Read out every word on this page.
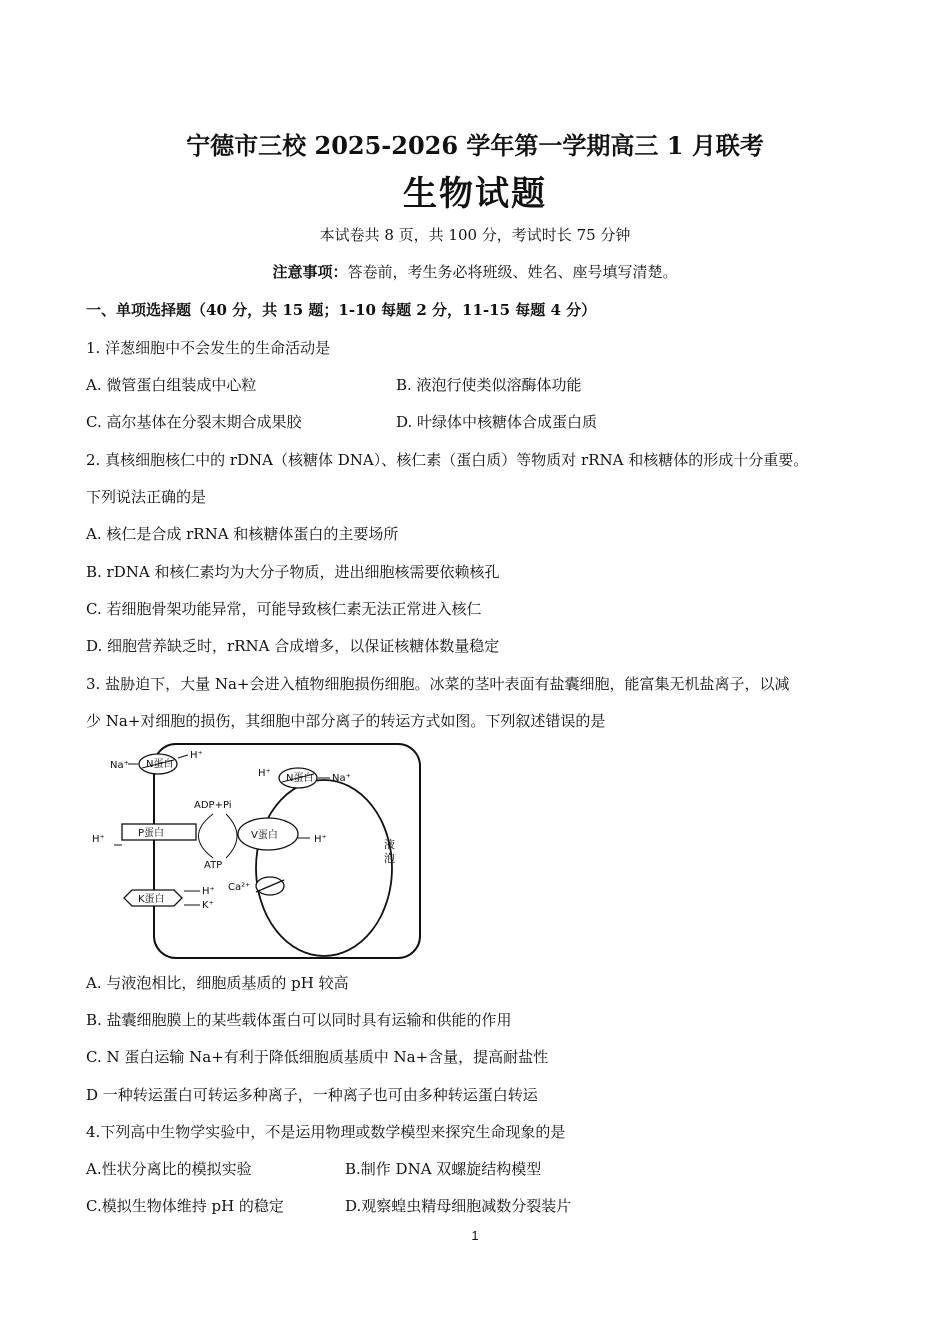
宁德市三校 2025-2026 学年第一学期高三 1 月联考
生物试题
本试卷共 8 页，共 100 分，考试时长 75 分钟
注意事项：答卷前，考生务必将班级、姓名、座号填写清楚。
一、单项选择题（40 分，共 15 题；1-10 每题 2 分，11-15 每题 4 分）
1. 洋葱细胞中不会发生的生命活动是
A. 微管蛋白组装成中心粒	B. 液泡行使类似溶酶体功能
C. 高尔基体在分裂末期合成果胶	D. 叶绿体中核糖体合成蛋白质
2. 真核细胞核仁中的 rDNA（核糖体 DNA）、核仁素（蛋白质）等物质对 rRNA 和核糖体的形成十分重要。
下列说法正确的是
A. 核仁是合成 rRNA 和核糖体蛋白的主要场所
B. rDNA 和核仁素均为大分子物质，进出细胞核需要依赖核孔
C. 若细胞骨架功能异常，可能导致核仁素无法正常进入核仁
D. 细胞营养缺乏时，rRNA 合成增多，以保证核糖体数量稳定
3. 盐胁迫下，大量 Na+会进入植物细胞损伤细胞。冰菜的茎叶表面有盐囊细胞，能富集无机盐离子，以减
少 Na+对细胞的损伤，其细胞中部分离子的转运方式如图。下列叙述错误的是
N蛋白
Na⁺
H⁺
N蛋白
H⁺	Na⁺
ADP+Pi
ATP
P蛋白
H⁺	V蛋白	H⁺	液
泡
Ca²⁺
K蛋白
H⁺
K⁺
A. 与液泡相比，细胞质基质的 pH 较高
B. 盐囊细胞膜上的某些载体蛋白可以同时具有运输和供能的作用
C. N 蛋白运输 Na+有利于降低细胞质基质中 Na+含量，提高耐盐性
D 一种转运蛋白可转运多种离子，一种离子也可由多种转运蛋白转运
4.下列高中生物学实验中，不是运用物理或数学模型来探究生命现象的是
A.性状分离比的模拟实验	B.制作 DNA 双螺旋结构模型
C.模拟生物体维持 pH 的稳定	D.观察蝗虫精母细胞减数分裂装片
1
